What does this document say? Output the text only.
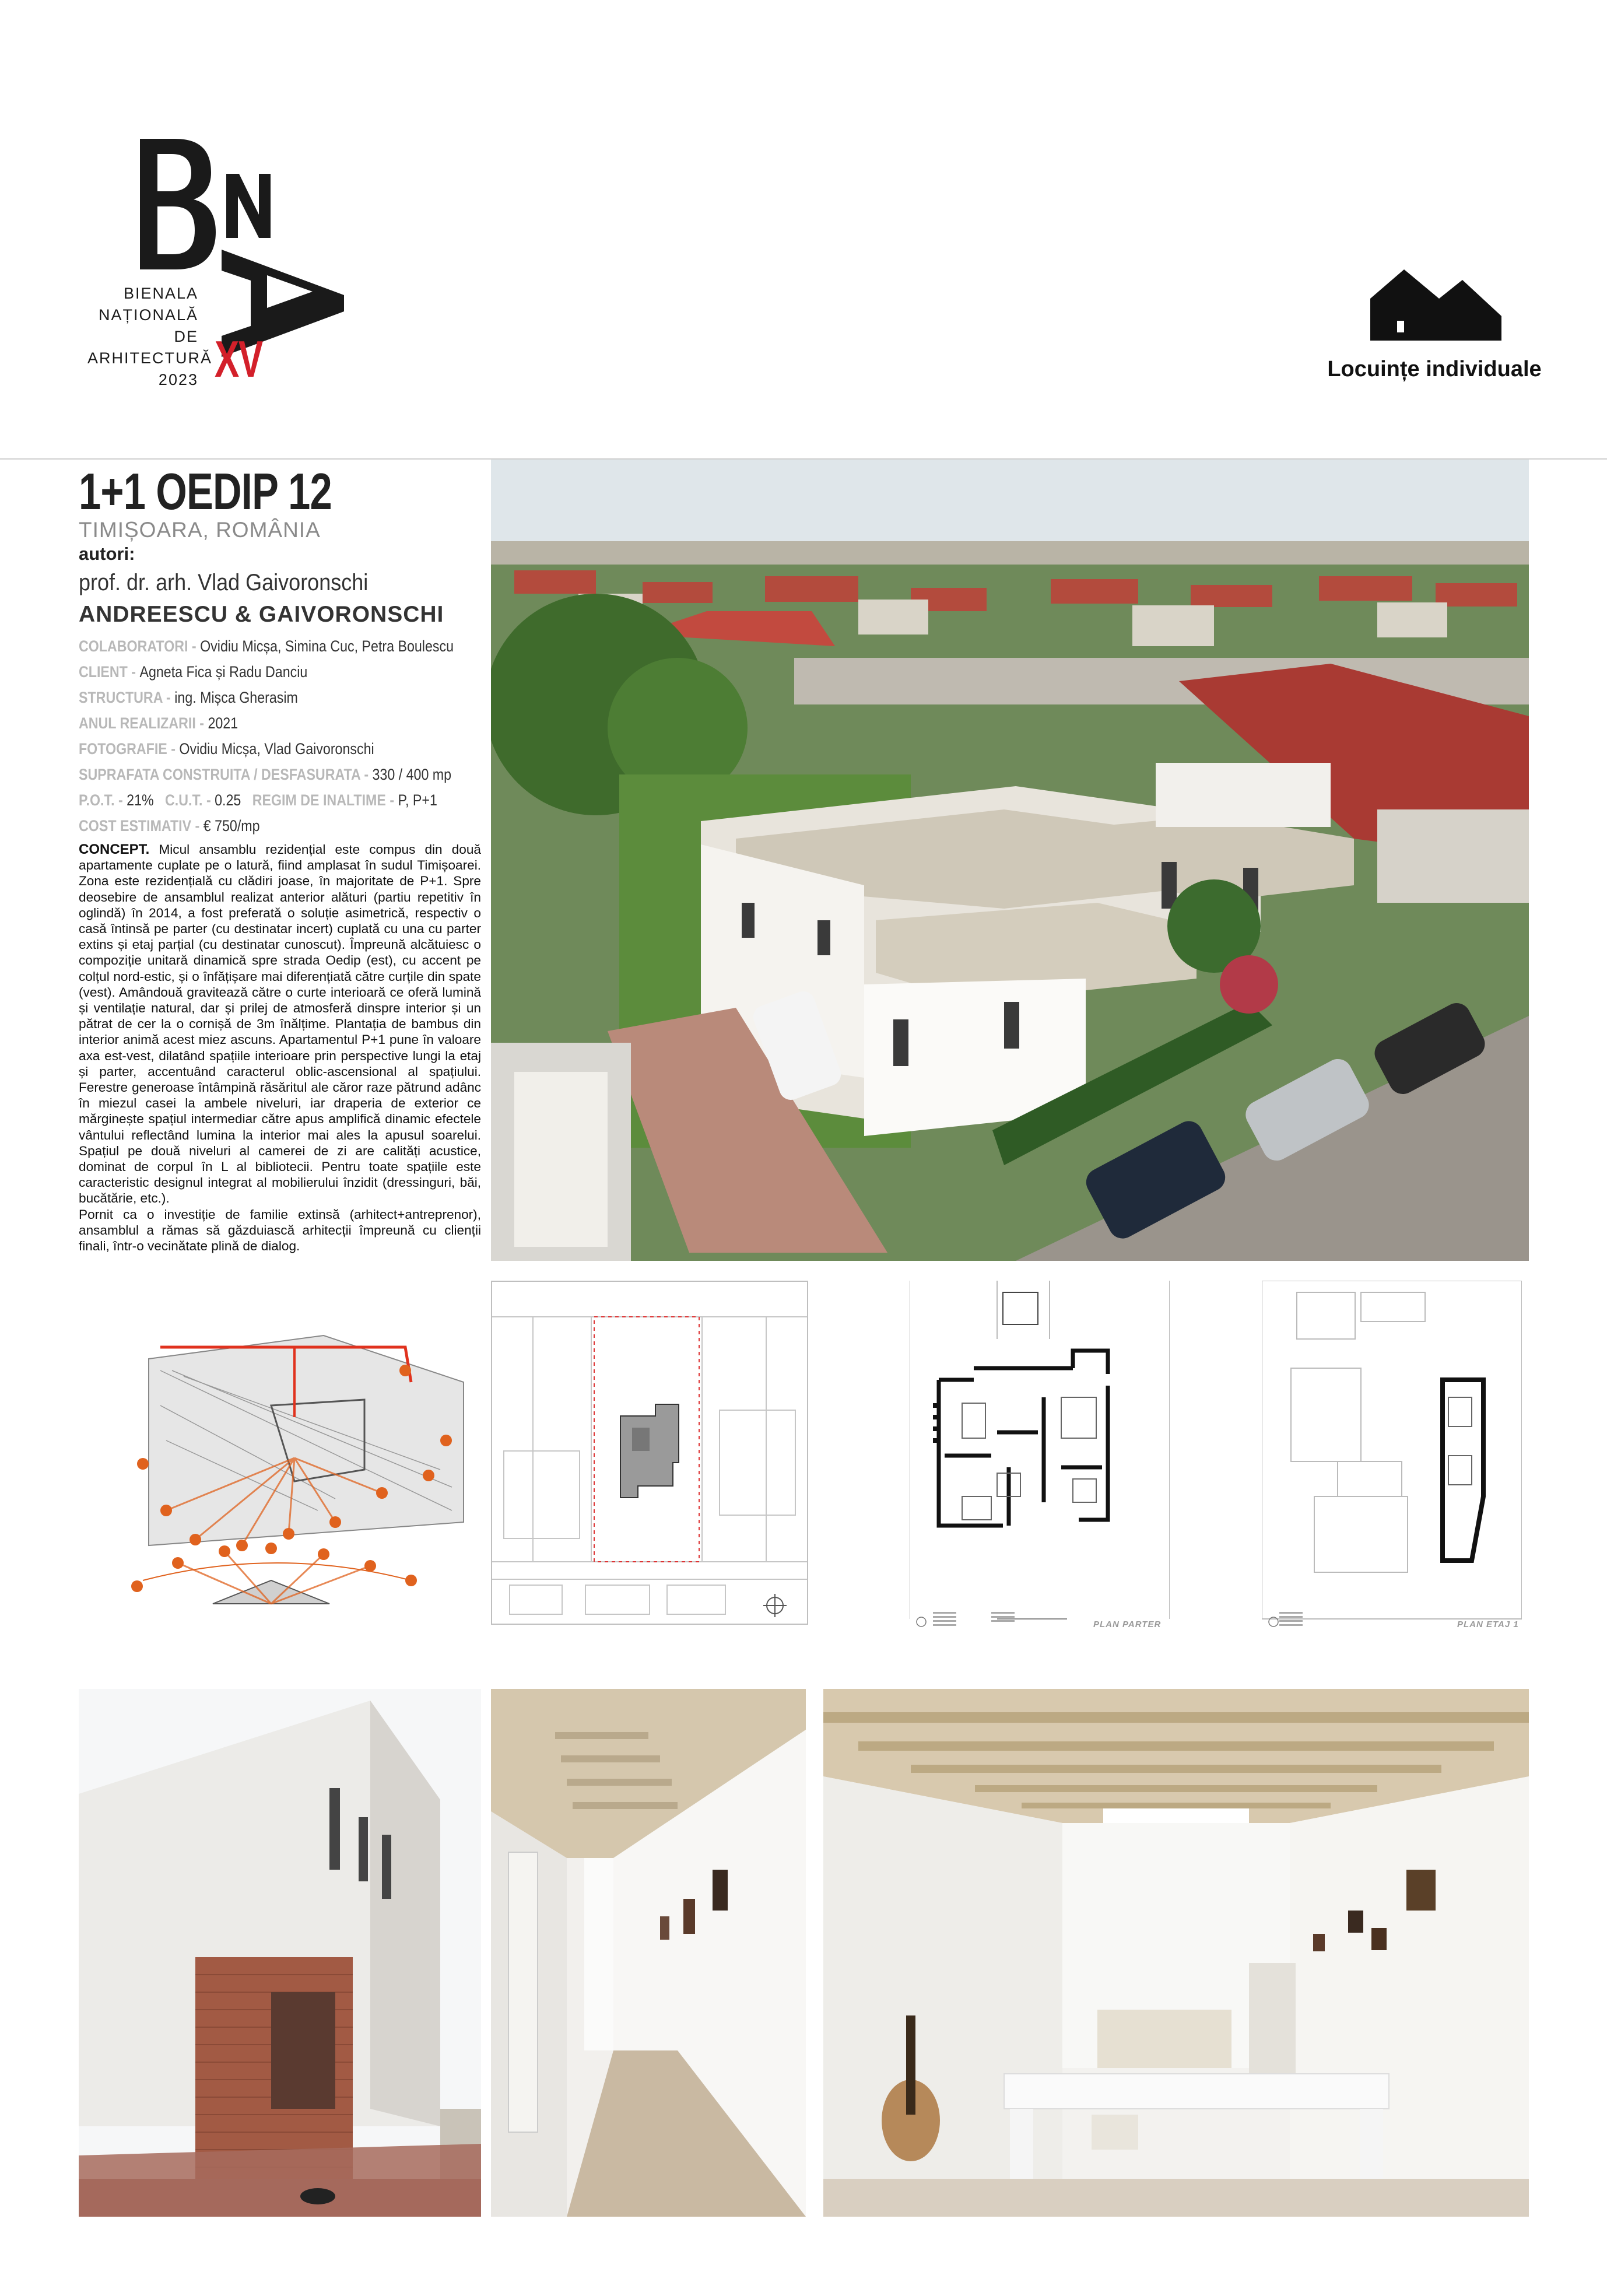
BIENALA
NAȚIONALĂ
DE
ARHITECTURĂ
2023 XV	Locuințe individuale
1+1 OEDIP 12
TIMIȘOARA, ROMÂNIA
autori:
prof. dr. arh. Vlad Gaivoronschi
ANDREESCU & GAIVORONSCHI
COLABORATORI - Ovidiu Micșa, Simina Cuc, Petra Boulescu
CLIENT - Agneta Fica și Radu Danciu
STRUCTURA - ing. Mișca Gherasim
ANUL REALIZARII - 2021
FOTOGRAFIE - Ovidiu Micșa, Vlad Gaivoronschi
SUPRAFATA CONSTRUITA / DESFASURATA - 330 / 400 mp
P.O.T. - 21% C.U.T. - 0.25 REGIM DE INALTIME - P, P+1
COST ESTIMATIV - € 750/mp

CONCEPT. Micul ansamblu rezidențial este compus din două apartamente cuplate pe o latură, fiind amplasat în sudul Timișoarei. Zona este rezidențială cu clădiri joase, în majoritate de P+1. Spre deosebire de ansamblul realizat anterior alături (partiu repetitiv în oglindă) în 2014, a fost preferată o soluție asimetrică, respectiv o casă întinsă pe parter (cu destinatar incert) cuplată cu una cu parter extins și etaj parțial (cu destinatar cunoscut). Împreună alcătuiesc o compoziție unitară dinamică spre strada Oedip (est), cu accent pe colțul nord-estic, și o înfățișare mai diferențiată către curțile din spate (vest). Amândouă gravitează către o curte interioară ce oferă lumină și ventilație natural, dar și prilej de atmosferă dinspre interior și un pătrat de cer la o cornișă de 3m înălțime. Plantația de bambus din interior animă acest miez ascuns. Apartamentul P+1 pune în valoare axa est-vest, dilatând spațiile interioare prin perspective lungi la etaj și parter, accentuând caracterul oblic-ascensional al spațiului. Ferestre generoase întâmpină răsăritul ale căror raze pătrund adânc în miezul casei la ambele niveluri, iar draperia de exterior ce mărginește spațiul intermediar către apus amplifică dinamic efectele vântului reflectând lumina la interior mai ales la apusul soarelui. Spațiul pe două niveluri al camerei de zi are calități acustice, dominat de corpul în L al bibliotecii. Pentru toate spațiile este caracteristic designul integrat al mobilierului înzidit (dressinguri, băi, bucătărie, etc.).

Pornit ca o investiție de familie extinsă (arhitect+antreprenor), ansamblul a rămas să găzduiască arhitecții împreună cu clienții finali, într-o vecinătate plină de dialog.

PLAN PARTER	PLAN ETAJ 1
